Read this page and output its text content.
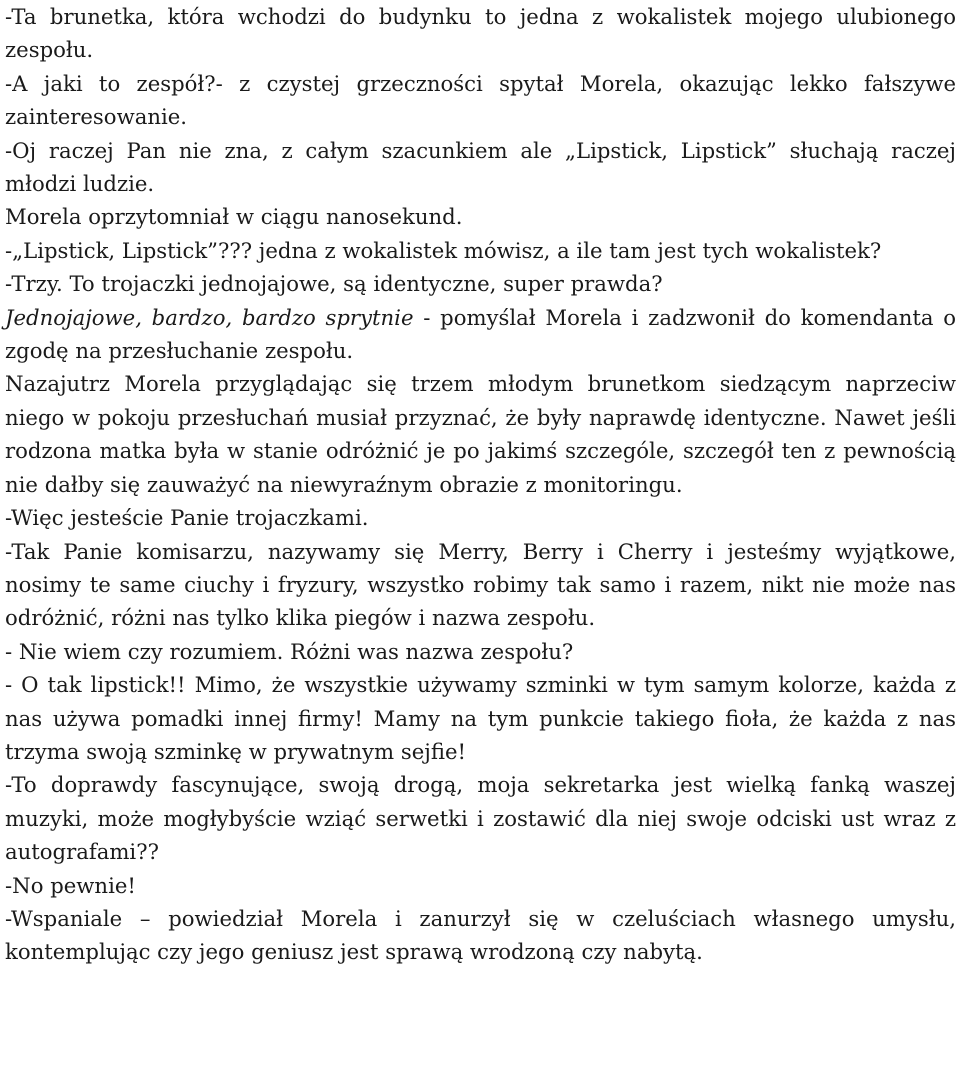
-Ta brunetka, która wchodzi do budynku to jedna z wokalistek mojego ulubionego zespołu.

-A jaki to zespół?- z czystej grzeczności spytał Morela, okazując lekko fałszywe zainteresowanie.

-Oj raczej Pan nie zna, z całym szacunkiem ale „Lipstick, Lipstick” słuchają raczej młodzi ludzie.

Morela oprzytomniał w ciągu nanosekund.

-„Lipstick, Lipstick”??? jedna z wokalistek mówisz, a ile tam jest tych wokalistek?

-Trzy. To trojaczki jednojajowe, są identyczne, super prawda?

Jednojajowe, bardzo, bardzo sprytnie - pomyślał Morela i zadzwonił do komendanta o zgodę na przesłuchanie zespołu.

Nazajutrz Morela przyglądając się trzem młodym brunetkom siedzącym naprzeciw niego w pokoju przesłuchań musiał przyznać, że były naprawdę identyczne. Nawet jeśli rodzona matka była w stanie odróżnić je po jakimś szczególe, szczegół ten z pewnością nie dałby się zauważyć na niewyraźnym obrazie z monitoringu.

-Więc jesteście Panie trojaczkami.

-Tak Panie komisarzu, nazywamy się Merry, Berry i Cherry i jesteśmy wyjątkowe, nosimy te same ciuchy i fryzury, wszystko robimy tak samo i razem, nikt nie może nas odróżnić, różni nas tylko klika piegów i nazwa zespołu.

- Nie wiem czy rozumiem. Różni was nazwa zespołu?

- O tak lipstick!! Mimo, że wszystkie używamy szminki w tym samym kolorze, każda z nas używa pomadki innej firmy! Mamy na tym punkcie takiego fioła, że każda z nas trzyma swoją szminkę w prywatnym sejfie!

-To doprawdy fascynujące, swoją drogą, moja sekretarka jest wielką fanką waszej muzyki, może mogłybyście wziąć serwetki i zostawić dla niej swoje odciski ust wraz z autografami??

-No pewnie!

-Wspaniale – powiedział Morela i zanurzył się w czeluściach własnego umysłu, kontemplując czy jego geniusz jest sprawą wrodzoną czy nabytą.
